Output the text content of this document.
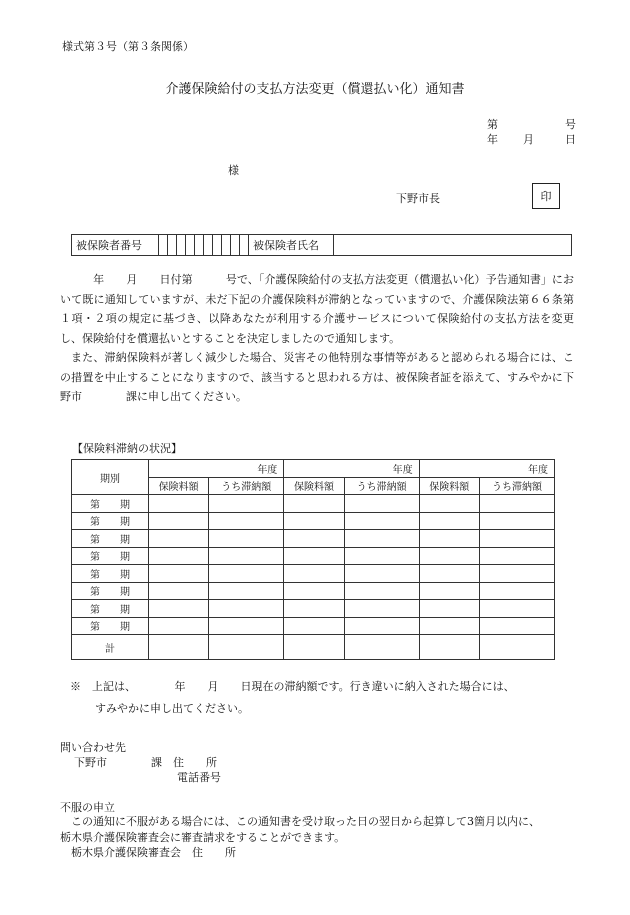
様式第３号（第３条関係）
介護保険給付の支払方法変更（償還払い化）通知書
第	号
年	月	日
様
下野市長	印
被保険者番号											被保険者氏名	

　　　年　　月　　日付第　　　号で、「介護保険給付の支払方法変更（償還払い化）予告通知書」において既に通知していますが、未だ下記の介護保険料が滞納となっていますので、介護保険法第６６条第１項・２項の規定に基づき、以降あなたが利用する介護サービスについて保険給付の支払方法を変更し、保険給付を償還払いとすることを決定しましたので通知します。

また、滞納保険料が著しく減少した場合、災害その他特別な事情等があると認められる場合には、この措置を中止することになりますので、該当すると思われる方は、被保険者証を添えて、すみやかに下野市　　　　課に申し出てください。

【保険料滞納の状況】
期別	年度		年度		年度	
	保険料額	うち滞納額	保険料額	うち滞納額	保険料額	うち滞納額
第　　期						
第　　期						
第　　期						
第　　期						
第　　期						
第　　期						
第　　期						
第　　期						
計						
※　上記は、　　　　年　　月　　日現在の滞納額です。行き違いに納入された場合には、
すみやかに申し出てください。
問い合わせ先
下野市　　　　課　住　　所
電話番号
不服の申立

　この通知に不服がある場合には、この通知書を受け取った日の翌日から起算して3箇月以内に、

栃木県介護保険審査会に審査請求をすることができます。

　栃木県介護保険審査会　住　　所
